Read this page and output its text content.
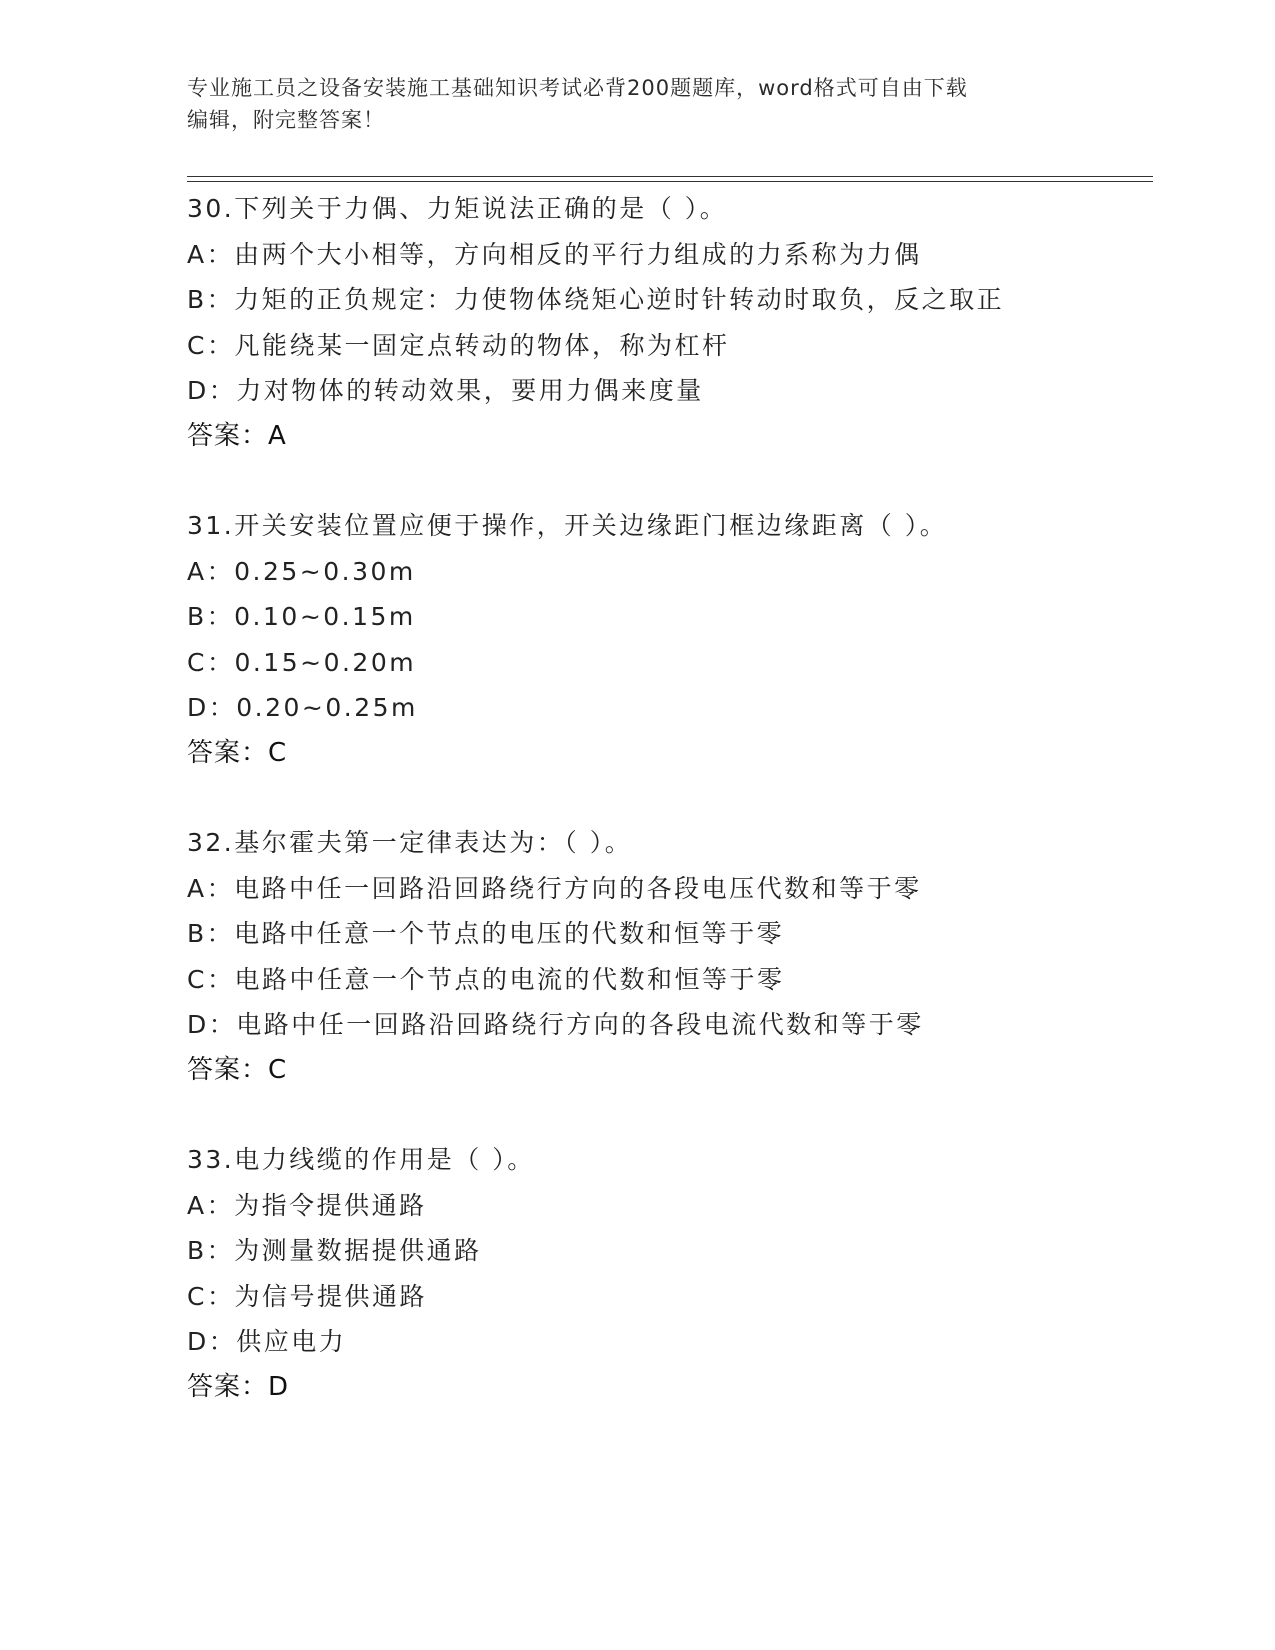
专业施工员之设备安装施工基础知识考试必背200题题库，word格式可自由下载
编辑，附完整答案！
30.下列关于力偶、力矩说法正确的是（ ）。
A：由两个大小相等，方向相反的平行力组成的力系称为力偶
B：力矩的正负规定：力使物体绕矩心逆时针转动时取负，反之取正
C：凡能绕某一固定点转动的物体，称为杠杆
D：力对物体的转动效果，要用力偶来度量
答案：A
31.开关安装位置应便于操作，开关边缘距门框边缘距离（ ）。
A：0.25~0.30m
B：0.10~0.15m
C：0.15~0.20m
D：0.20~0.25m
答案：C
32.基尔霍夫第一定律表达为：（ ）。
A：电路中任一回路沿回路绕行方向的各段电压代数和等于零
B：电路中任意一个节点的电压的代数和恒等于零
C：电路中任意一个节点的电流的代数和恒等于零
D：电路中任一回路沿回路绕行方向的各段电流代数和等于零
答案：C
33.电力线缆的作用是（ ）。
A：为指令提供通路
B：为测量数据提供通路
C：为信号提供通路
D：供应电力
答案：D
